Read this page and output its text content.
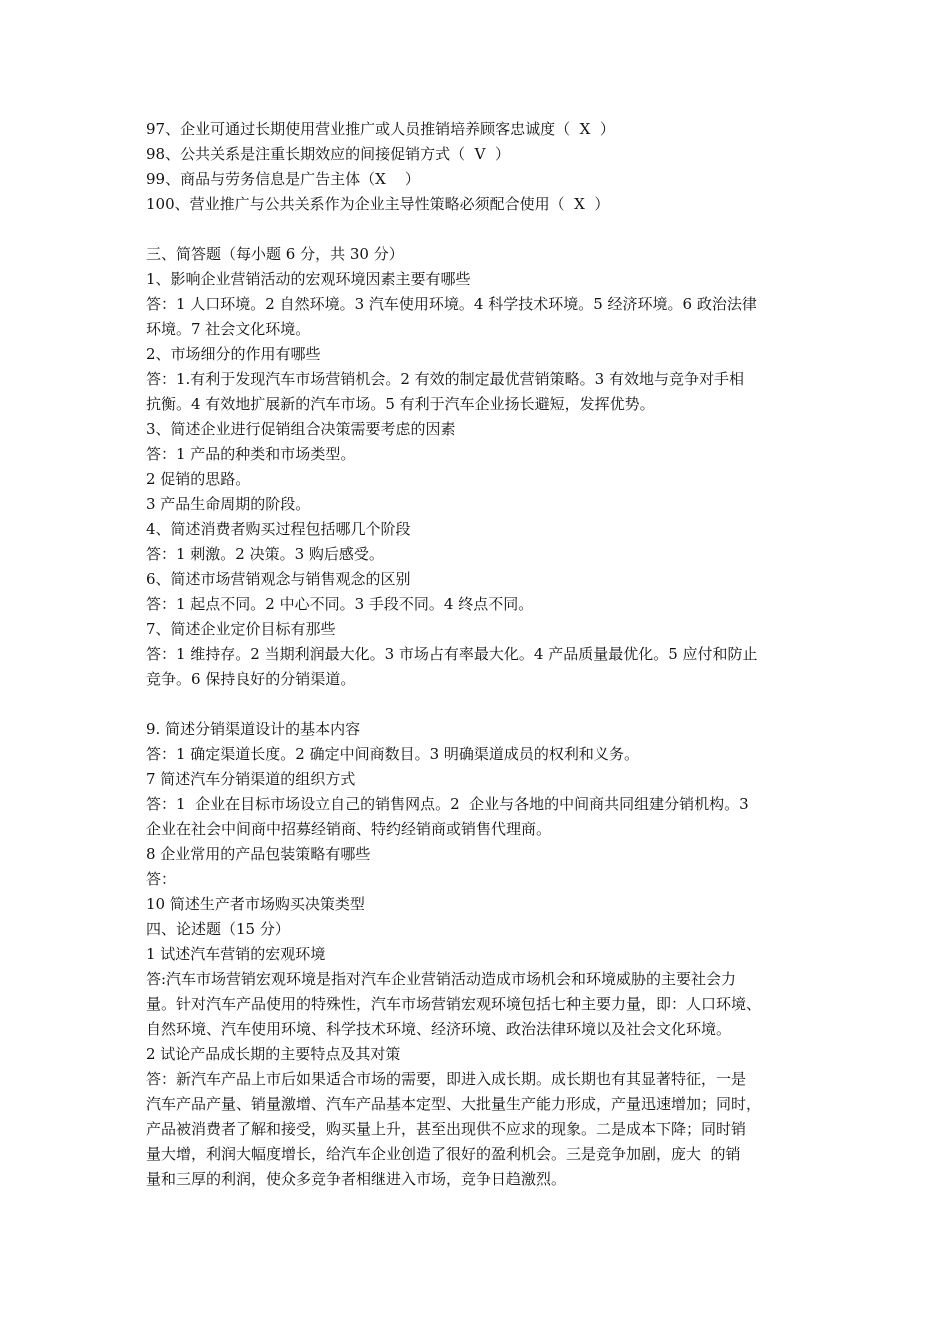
97、企业可通过长期使用营业推广或人员推销培养顾客忠诚度（  X  ）
98、公共关系是注重长期效应的间接促销方式（  V  ）
99、商品与劳务信息是广告主体（X    ）
100、营业推广与公共关系作为企业主导性策略必须配合使用（  X  ）
三、简答题（每小题 6 分，共 30 分）
1、影响企业营销活动的宏观环境因素主要有哪些
答：1 人口环境。2 自然环境。3 汽车使用环境。4 科学技术环境。5 经济环境。6 政治法律
环境。7 社会文化环境。
2、市场细分的作用有哪些
答：1.有利于发现汽车市场营销机会。2 有效的制定最优营销策略。3 有效地与竞争对手相
抗衡。4 有效地扩展新的汽车市场。5 有利于汽车企业扬长避短，发挥优势。
3、简述企业进行促销组合决策需要考虑的因素
答：1 产品的种类和市场类型。
2 促销的思路。
3 产品生命周期的阶段。
4、简述消费者购买过程包括哪几个阶段
答：1 刺激。2 决策。3 购后感受。
6、简述市场营销观念与销售观念的区别
答：1 起点不同。2 中心不同。3 手段不同。4 终点不同。
7、简述企业定价目标有那些
答：1 维持存。2 当期利润最大化。3 市场占有率最大化。4 产品质量最优化。5 应付和防止
竞争。6 保持良好的分销渠道。
9. 简述分销渠道设计的基本内容
答：1 确定渠道长度。2 确定中间商数目。3 明确渠道成员的权利和义务。
7 简述汽车分销渠道的组织方式
答：1  企业在目标市场设立自己的销售网点。2  企业与各地的中间商共同组建分销机构。3
企业在社会中间商中招募经销商、特约经销商或销售代理商。
8 企业常用的产品包装策略有哪些
答：
10 简述生产者市场购买决策类型
四、论述题（15 分）
1 试述汽车营销的宏观环境
答:汽车市场营销宏观环境是指对汽车企业营销活动造成市场机会和环境威胁的主要社会力
量。针对汽车产品使用的特殊性，汽车市场营销宏观环境包括七种主要力量，即：人口环境、
自然环境、汽车使用环境、科学技术环境、经济环境、政治法律环境以及社会文化环境。
2 试论产品成长期的主要特点及其对策
答：新汽车产品上市后如果适合市场的需要，即进入成长期。成长期也有其显著特征，一是
汽车产品产量、销量激增、汽车产品基本定型、大批量生产能力形成，产量迅速增加；同时，
产品被消费者了解和接受，购买量上升，甚至出现供不应求的现象。二是成本下降；同时销
量大增，利润大幅度增长，给汽车企业创造了很好的盈利机会。三是竞争加剧，庞大  的销
量和三厚的利润，使众多竞争者相继进入市场，竞争日趋激烈。
